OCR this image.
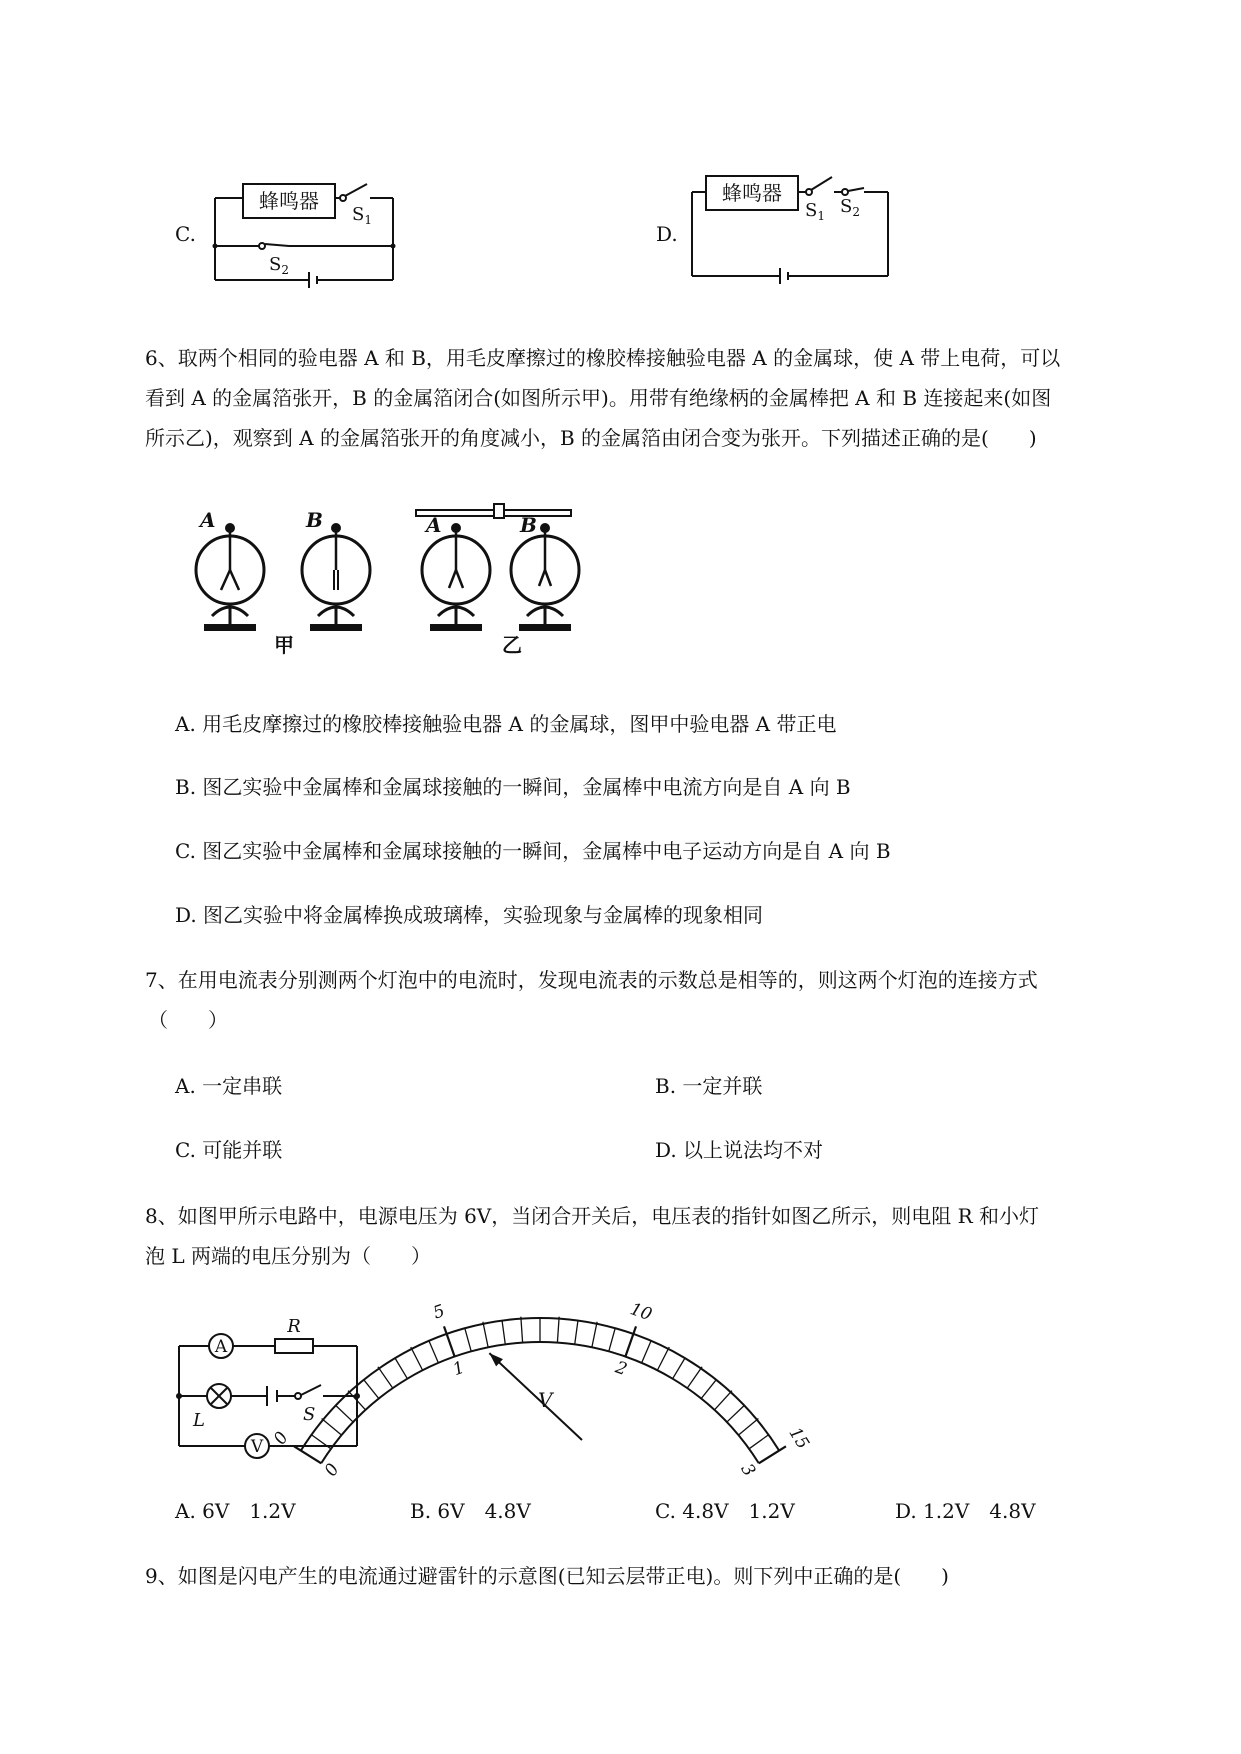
C.
蜂鸣器
$S_1$
$S_2$
D.
蜂鸣器
$S_1$ $S_2$
6、取两个相同的验电器 A 和 B，用毛皮摩擦过的橡胶棒接触验电器 A 的金属球，使 A 带上电荷，可以
看到 A 的金属箔张开，B 的金属箔闭合(如图所示甲)。用带有绝缘柄的金属棒把 A 和 B 连接起来(如图
所示乙)，观察到 A 的金属箔张开的角度减小，B 的金属箔由闭合变为张开。下列描述正确的是(　　)
A	B	A	B
甲	乙
A. 用毛皮摩擦过的橡胶棒接触验电器 A 的金属球，图甲中验电器 A 带正电
B. 图乙实验中金属棒和金属球接触的一瞬间，金属棒中电流方向是自 A 向 B
C. 图乙实验中金属棒和金属球接触的一瞬间，金属棒中电子运动方向是自 A 向 B
D. 图乙实验中将金属棒换成玻璃棒，实验现象与金属棒的现象相同
7、在用电流表分别测两个灯泡中的电流时，发现电流表的示数总是相等的，则这两个灯泡的连接方式
（　　）
A. 一定串联	B. 一定并联
C. 可能并联	D. 以上说法均不对
8、如图甲所示电路中，电源电压为 6V，当闭合开关后，电压表的指针如图乙所示，则电阻 R 和小灯
泡 L 两端的电压分别为（　　）
A
R
L	S
V 0
5	10
15
0
1	2
3
V
A. 6V　1.2V	B. 6V　4.8V	C. 4.8V　1.2V	D. 1.2V　4.8V
9、如图是闪电产生的电流通过避雷针的示意图(已知云层带正电)。则下列中正确的是(　　)
